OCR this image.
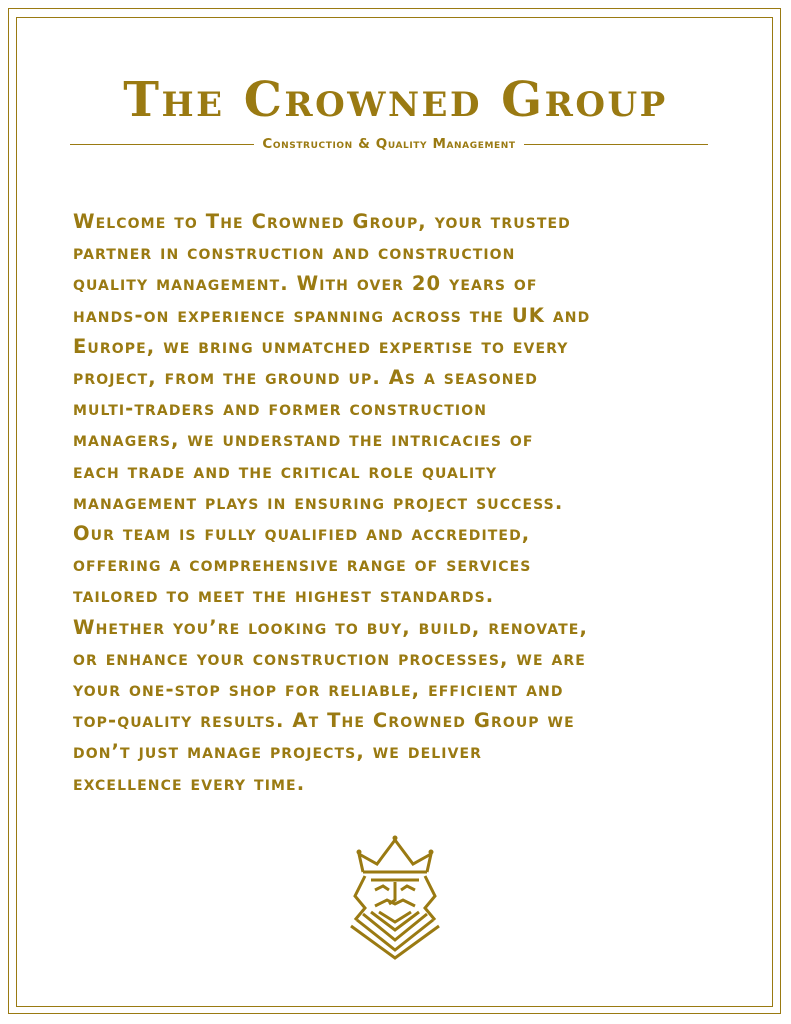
The Crowned Group
Construction & Quality Management

Welcome to The Crowned Group, your trusted
partner in construction and construction
quality management. With over 20 years of
hands-on experience spanning across the UK and
Europe, we bring unmatched expertise to every
project, from the ground up. As a seasoned
multi-traders and former construction
managers, we understand the intricacies of
each trade and the critical role quality
management plays in ensuring project success.
Our team is fully qualified and accredited,
offering a comprehensive range of services
tailored to meet the highest standards.
Whether you’re looking to buy, build, renovate,
or enhance your construction processes, we are
your one-stop shop for reliable, efficient and
top-quality results. At The Crowned Group we
don’t just manage projects, we deliver
excellence every time.
